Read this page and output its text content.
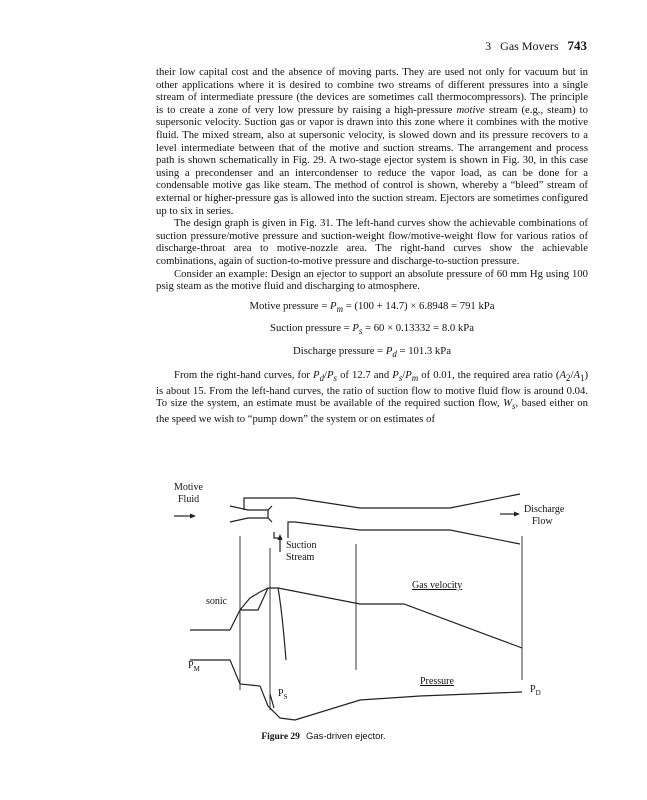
3 Gas Movers 743

their low capital cost and the absence of moving parts. They are used not only for vacuum but in other applications where it is desired to combine two streams of different pressures into a single stream of intermediate pressure (the devices are sometimes call thermocompressors). The principle is to create a zone of very low pressure by raising a high-pressure motive stream (e.g., steam) to supersonic velocity. Suction gas or vapor is drawn into this zone where it combines with the motive fluid. The mixed stream, also at supersonic velocity, is slowed down and its pressure recovers to a level intermediate between that of the motive and suction streams. The arrangement and process path is shown schematically in Fig. 29. A two-stage ejector system is shown in Fig. 30, in this case using a precondenser and an intercondenser to reduce the vapor load, as can be done for a condensable motive gas like steam. The method of control is shown, whereby a “bleed” stream of external or higher-pressure gas is allowed into the suction stream. Ejectors are sometimes configured up to six in series.

The design graph is given in Fig. 31. The left-hand curves show the achievable combinations of suction pressure/motive pressure and suction-weight flow/motive-weight flow for various ratios of discharge-throat area to motive-nozzle area. The right-hand curves show the achievable combinations, again of suction-to-motive pressure and discharge-to-suction pressure.

Consider an example: Design an ejector to support an absolute pressure of 60 mm Hg using 100 psig steam as the motive fluid and discharging to atmosphere.

Motive pressure = $P_m = (100 + 14.7) \times 6.8948 = 791$ kPa
Suction pressure = $P_s = 60 \times 0.13332 = 8.0$ kPa
Discharge pressure = $P_d = 101.3$ kPa

From the right-hand curves, for $P_d/P_s$ of 12.7 and $P_s/P_m$ of 0.01, the required area ratio $(A_2/A_1)$ is about 15. From the left-hand curves, the ratio of suction flow to motive fluid flow is around 0.04. To size the system, an estimate must be available of the required suction flow, $W_s$, based either on the speed we wish to “pump down” the system or on estimates of

Motive
Fluid
Suction
Stream
Discharge
Flow
sonic
Gas velocity
Pressure
$P_M$
$P_S$
$P_D$
Figure 29 Gas-driven ejector.
